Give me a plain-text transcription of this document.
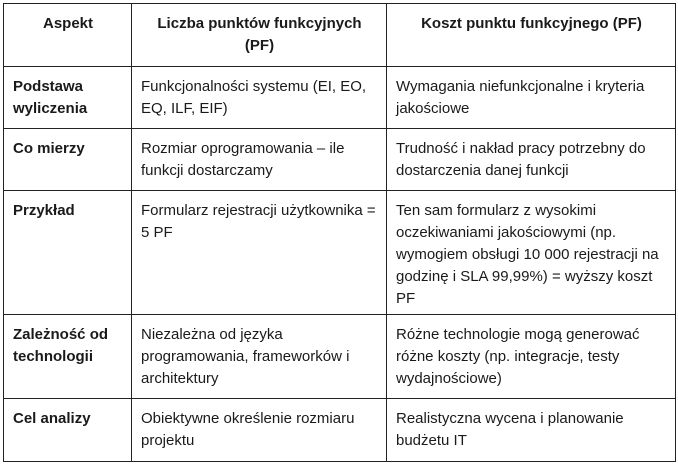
Aspekt	Liczba punktów funkcyjnych (PF)	Koszt punktu funkcyjnego (PF)
Podstawa wyliczenia	Funkcjonalności systemu (EI, EO, EQ, ILF, EIF)	Wymagania niefunkcjonalne i kryteria jakościowe
Co mierzy	Rozmiar oprogramowania – ile funkcji dostarczamy	Trudność i nakład pracy potrzebny do dostarczenia danej funkcji
Przykład	Formularz rejestracji użytkownika = 5 PF	Ten sam formularz z wysokimi oczekiwaniami jakościowymi (np. wymogiem obsługi 10 000 rejestracji na godzinę i SLA 99,99%) = wyższy koszt PF
Zależność od technologii	Niezależna od języka programowania, frameworków i architektury	Różne technologie mogą generować różne koszty (np. integracje, testy wydajnościowe)
Cel analizy	Obiektywne określenie rozmiaru projektu	Realistyczna wycena i planowanie budżetu IT
